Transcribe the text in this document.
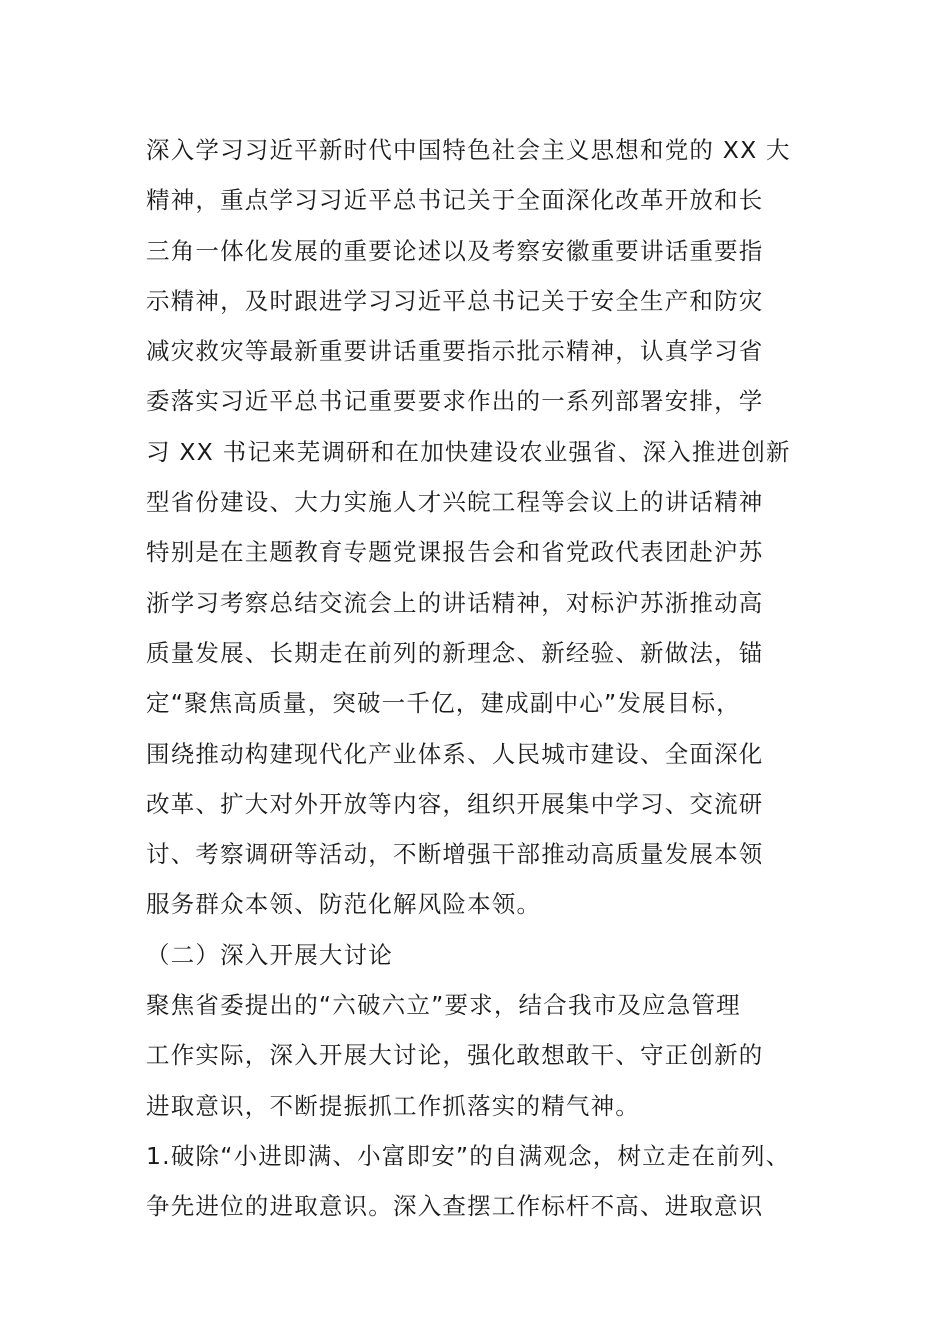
深入学习习近平新时代中国特色社会主义思想和党的 XX 大
精神，重点学习习近平总书记关于全面深化改革开放和长
三角一体化发展的重要论述以及考察安徽重要讲话重要指
示精神，及时跟进学习习近平总书记关于安全生产和防灾
减灾救灾等最新重要讲话重要指示批示精神，认真学习省
委落实习近平总书记重要要求作出的一系列部署安排，学
习 XX 书记来芜调研和在加快建设农业强省、深入推进创新
型省份建设、大力实施人才兴皖工程等会议上的讲话精神
特别是在主题教育专题党课报告会和省党政代表团赴沪苏
浙学习考察总结交流会上的讲话精神，对标沪苏浙推动高
质量发展、长期走在前列的新理念、新经验、新做法，锚
定“聚焦高质量，突破一千亿，建成副中心”发展目标，
围绕推动构建现代化产业体系、人民城市建设、全面深化
改革、扩大对外开放等内容，组织开展集中学习、交流研
讨、考察调研等活动，不断增强干部推动高质量发展本领
服务群众本领、防范化解风险本领。
（二）深入开展大讨论
聚焦省委提出的“六破六立”要求，结合我市及应急管理
工作实际，深入开展大讨论，强化敢想敢干、守正创新的
进取意识，不断提振抓工作抓落实的精气神。
1.破除“小进即满、小富即安”的自满观念，树立走在前列、
争先进位的进取意识。深入查摆工作标杆不高、进取意识
